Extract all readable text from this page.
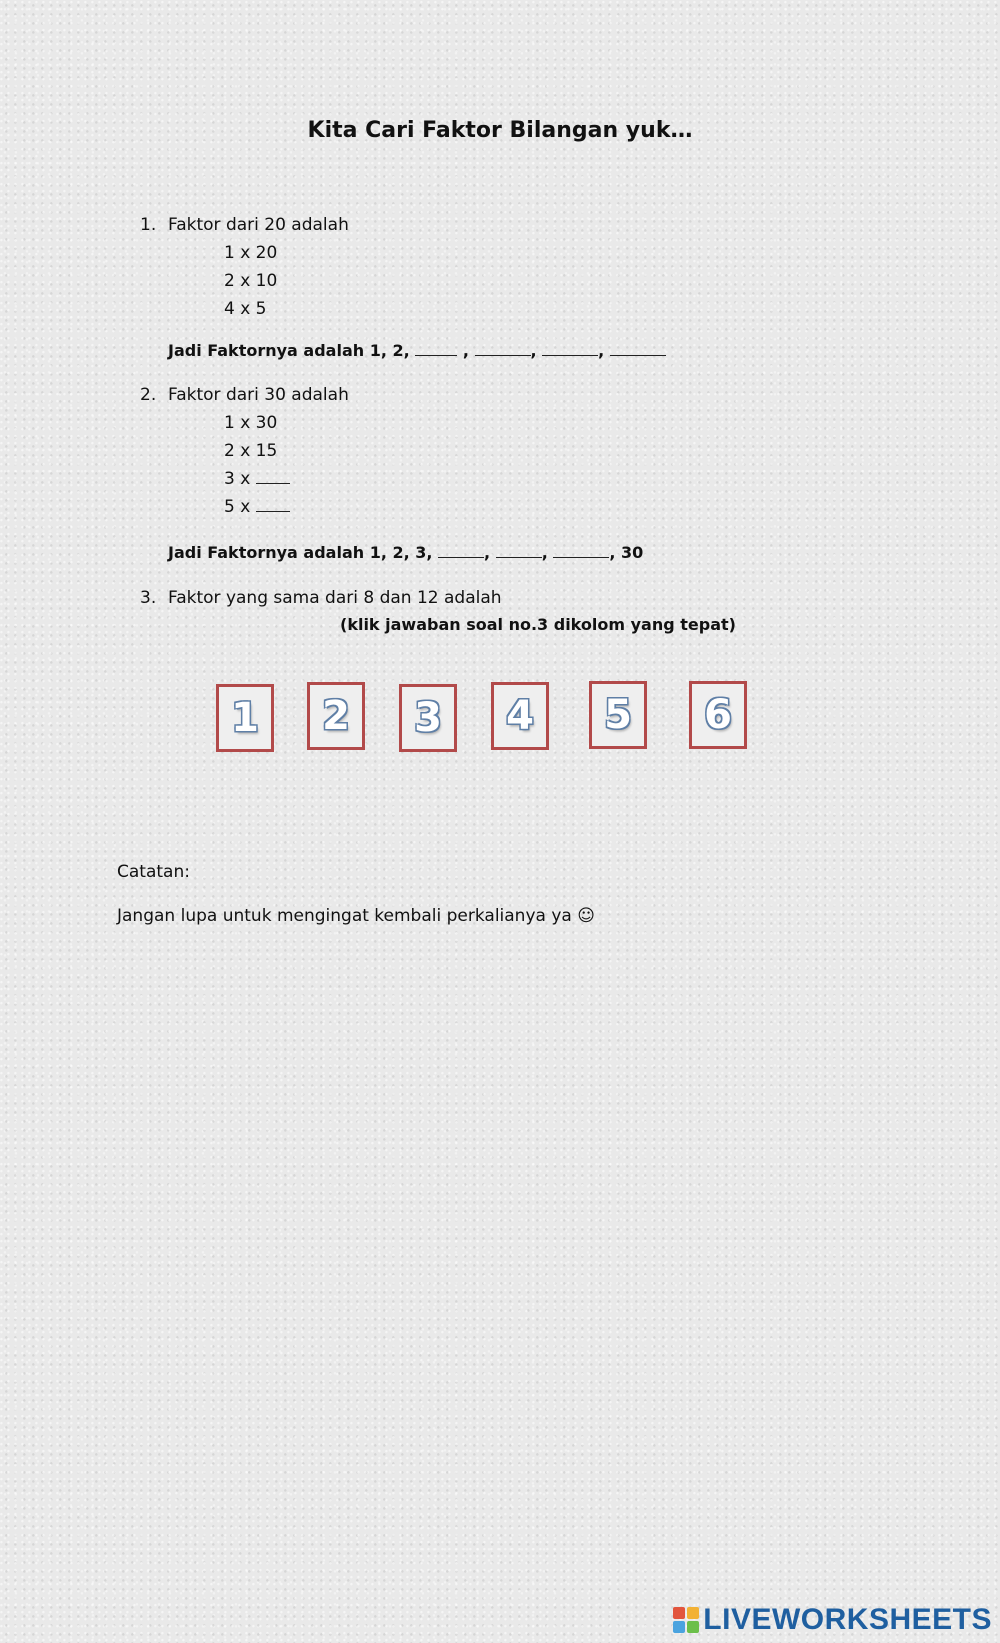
Kita Cari Faktor Bilangan yuk…
1. Faktor dari 20 adalah
1 x 20
2 x 10
4 x 5
Jadi Faktornya adalah 1, 2,	,	,	,
2. Faktor dari 30 adalah
1 x 30
2 x 15
3 x
5 x
Jadi Faktornya adalah 1, 2, 3,	,	,	, 30
3. Faktor yang sama dari 8 dan 12 adalah
(klik jawaban soal no.3 dikolom yang tepat)
1 2 3 4 5 6
Catatan:
Jangan lupa untuk mengingat kembali perkalianya ya ☺
LIVEWORKSHEETS
